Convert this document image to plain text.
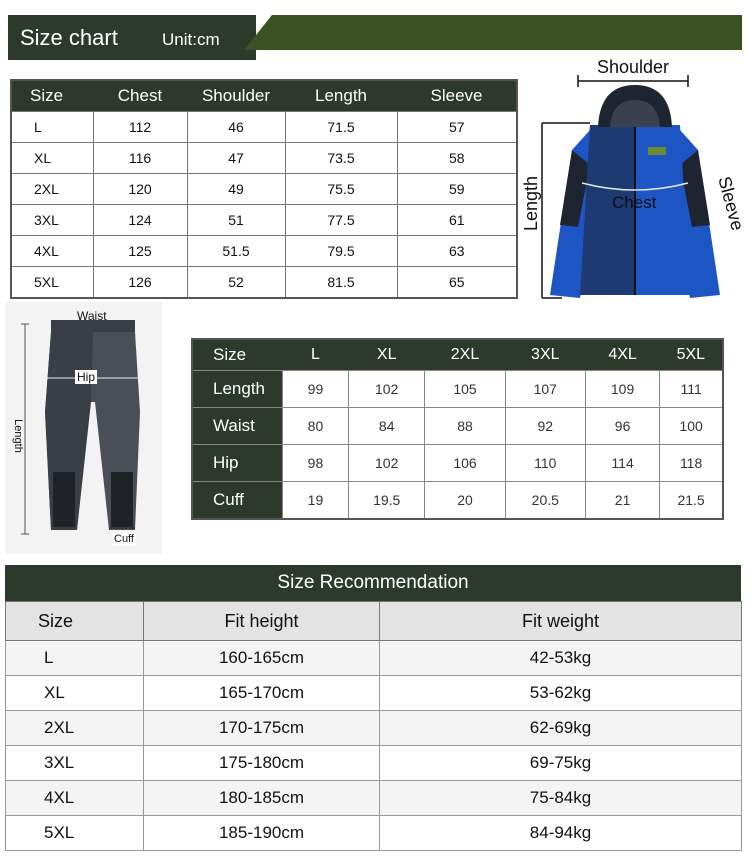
Size chart	Unit:cm
Size	Chest	Shoulder	Length	Sleeve
L	112	46	71.5	57
XL	116	47	73.5	58
2XL	120	49	75.5	59
3XL	124	51	77.5	61
4XL	125	51.5	79.5	63
5XL	126	52	81.5	65
Shoulder
Length	Sleeve
Chest
Waist
Hip
Length
Cuff
Size	L	XL	2XL	3XL	4XL	5XL
Length	99	102	105	107	109	111
Waist	80	84	88	92	96	100
Hip	98	102	106	110	114	118
Cuff	19	19.5	20	20.5	21	21.5
Size Recommendation
Size	Fit height	Fit weight
L	160-165cm	42-53kg
XL	165-170cm	53-62kg
2XL	170-175cm	62-69kg
3XL	175-180cm	69-75kg
4XL	180-185cm	75-84kg
5XL	185-190cm	84-94kg
